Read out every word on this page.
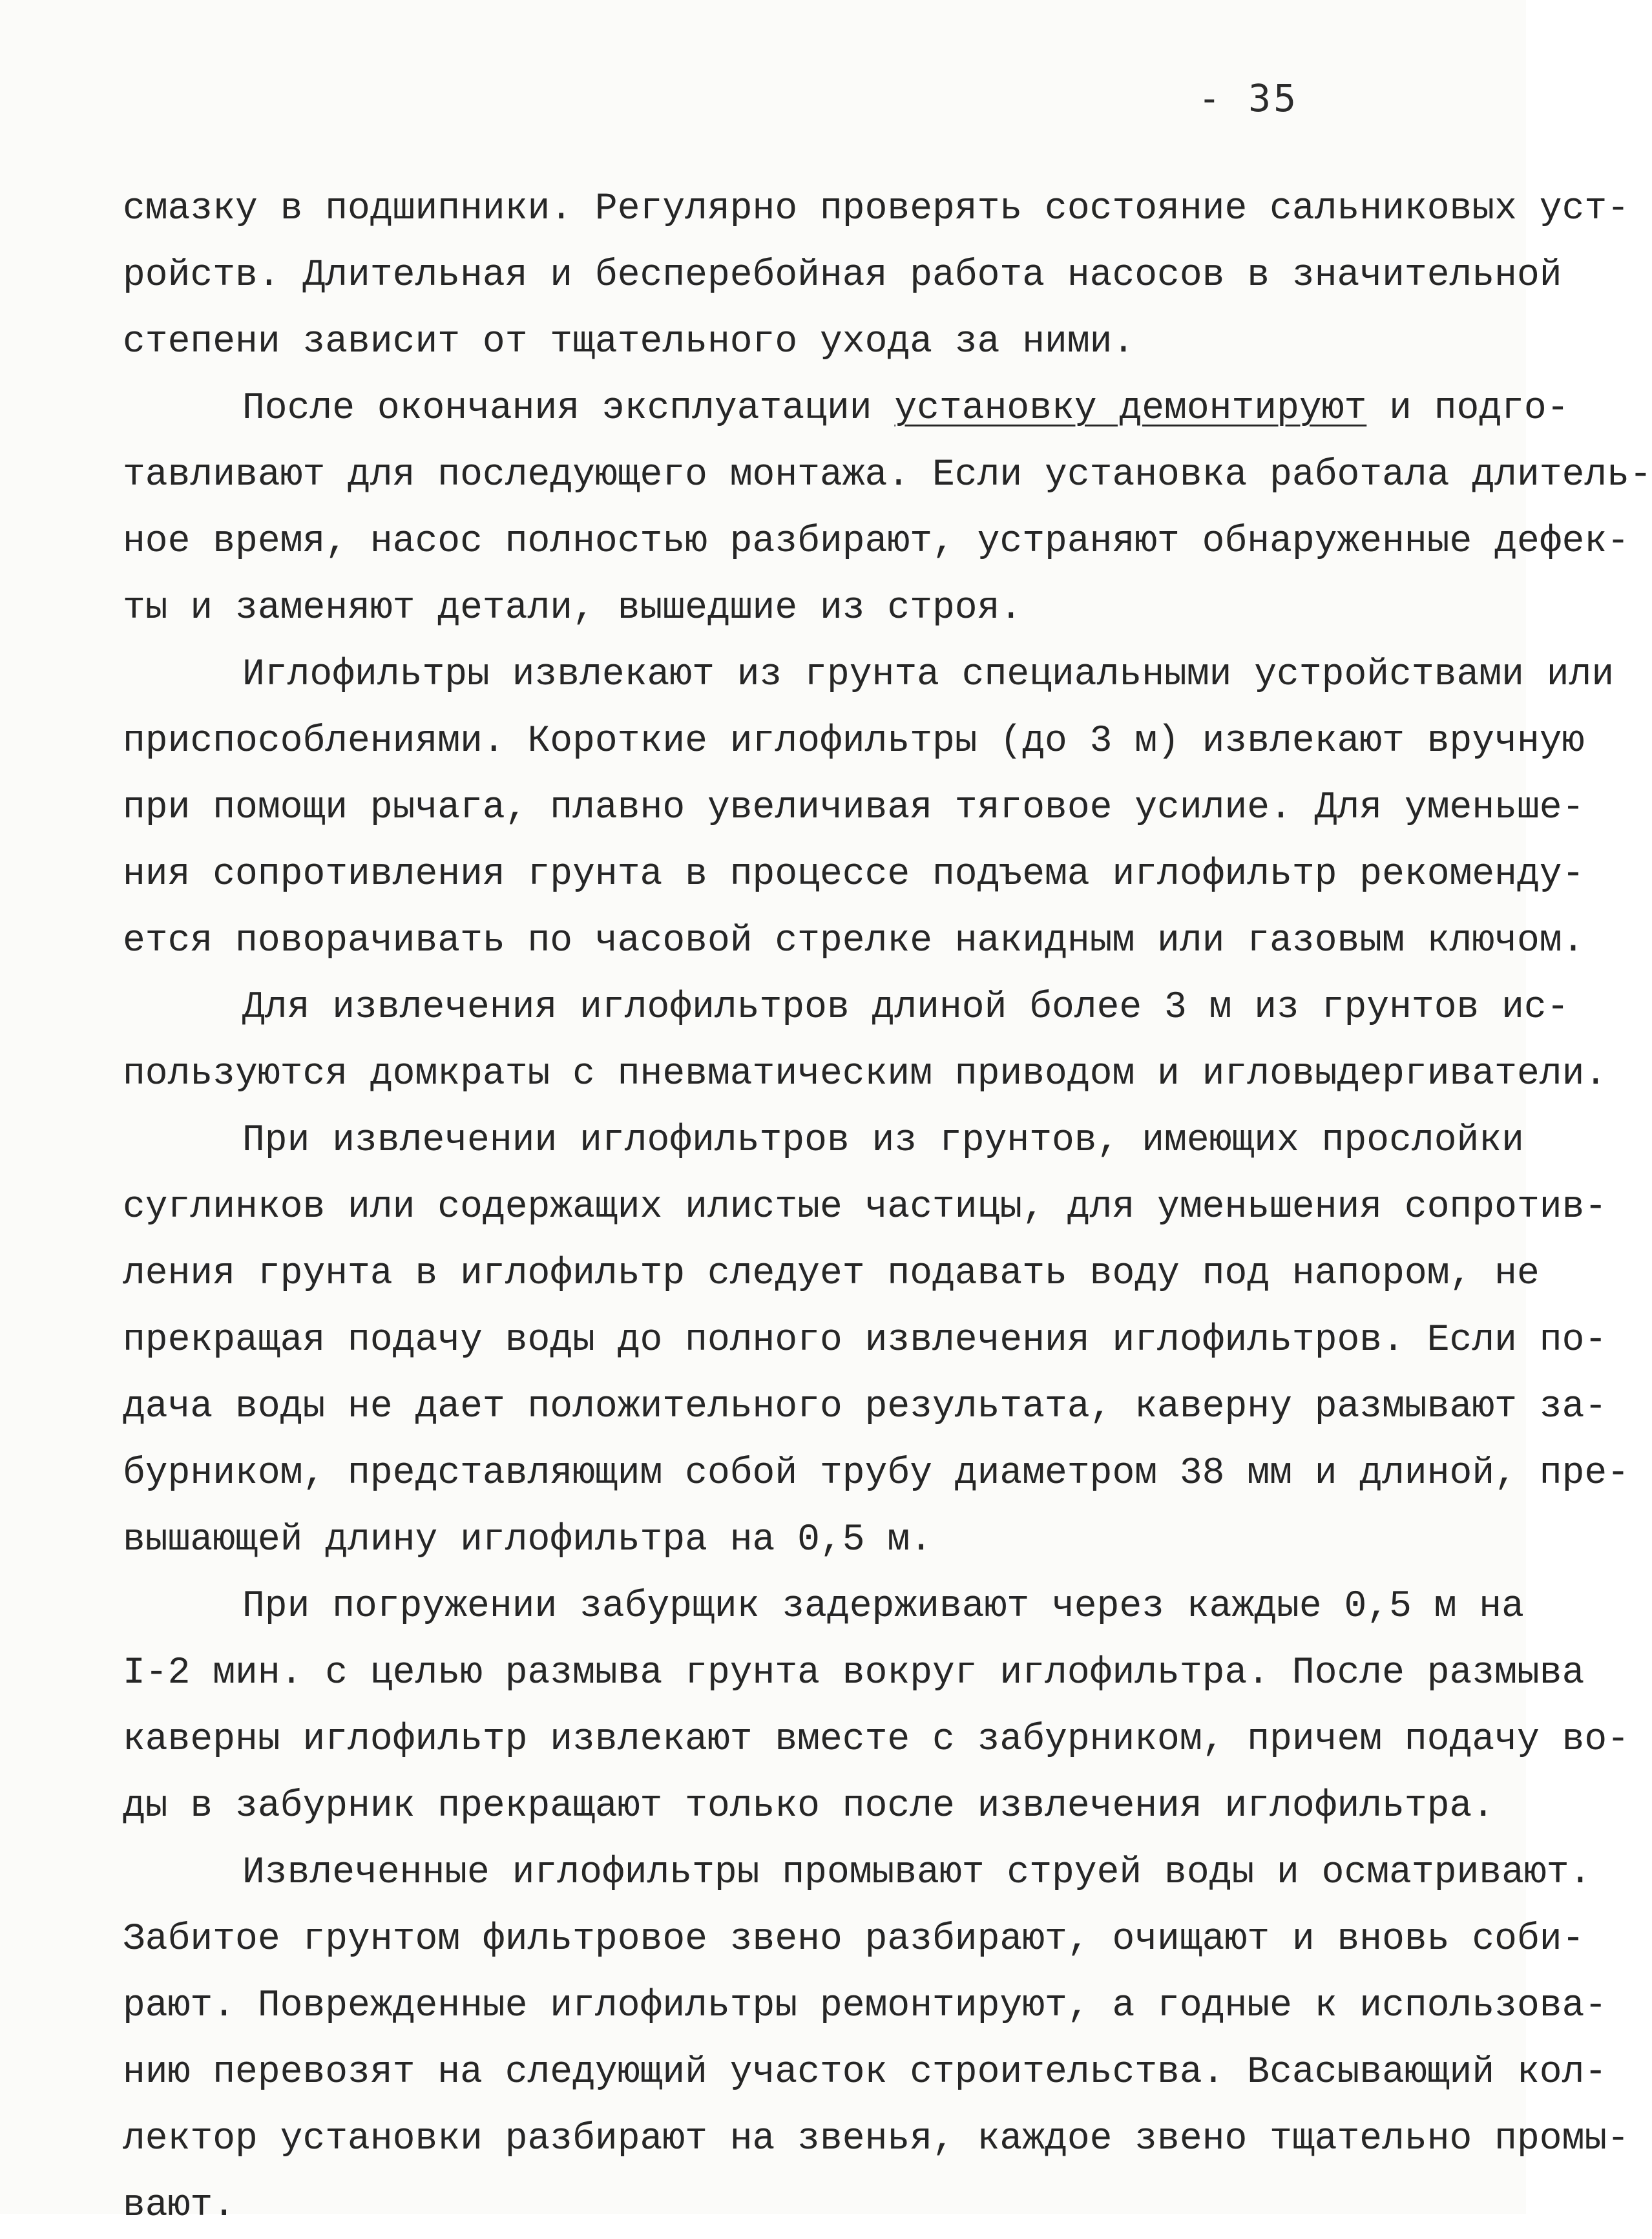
- 35
смазку в подшипники. Регулярно проверять состояние сальниковых уст-
ройств. Длительная и бесперебойная работа насосов в значительной
степени зависит от тщательного ухода за ними.
После окончания эксплуатации установку демонтируют и подго-
тавливают для последующего монтажа. Если установка работала длитель-
ное время, насос полностью разбирают, устраняют обнаруженные дефек-
ты и заменяют детали, вышедшие из строя.
Иглофильтры извлекают из грунта специальными устройствами или
приспособлениями. Короткие иглофильтры (до 3 м) извлекают вручную
при помощи рычага, плавно увеличивая тяговое усилие. Для уменьше-
ния сопротивления грунта в процессе подъема иглофильтр рекоменду-
ется поворачивать по часовой стрелке накидным или газовым ключом.
Для извлечения иглофильтров длиной более 3 м из грунтов ис-
пользуются домкраты с пневматическим приводом и игловыдергиватели.
При извлечении иглофильтров из грунтов, имеющих прослойки
суглинков или содержащих илистые частицы, для уменьшения сопротив-
ления грунта в иглофильтр следует подавать воду под напором, не
прекращая подачу воды до полного извлечения иглофильтров. Если по-
дача воды не дает положительного результата, каверну размывают за-
бурником, представляющим собой трубу диаметром 38 мм и длиной, пре-
вышающей длину иглофильтра на 0,5 м.
При погружении забурщик задерживают через каждые 0,5 м на
I-2 мин. с целью размыва грунта вокруг иглофильтра. После размыва
каверны иглофильтр извлекают вместе с забурником, причем подачу во-
ды в забурник прекращают только после извлечения иглофильтра.
Извлеченные иглофильтры промывают струей воды и осматривают.
Забитое грунтом фильтровое звено разбирают, очищают и вновь соби-
рают. Поврежденные иглофильтры ремонтируют, а годные к использова-
нию перевозят на следующий участок строительства. Всасывающий кол-
лектор установки разбирают на звенья, каждое звено тщательно промы-
вают.
